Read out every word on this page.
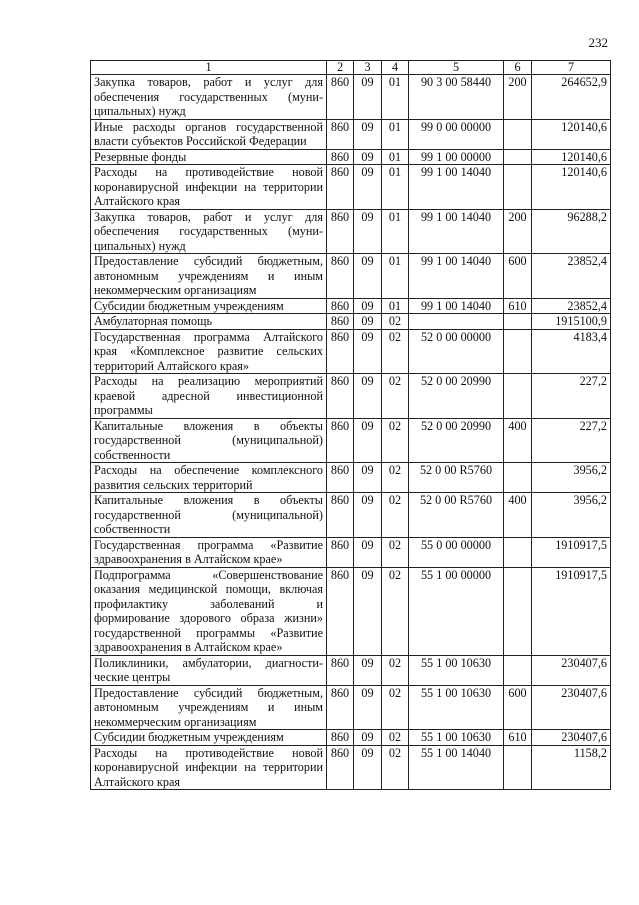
232
1	2	3	4	5	6	7
Закупка товаров, работ и услуг для обеспечения государственных (муниципальных) нужд	860	09	01	90 3 00 58440	200	264652,9
Иные расходы органов государственной власти субъектов Российской Федерации	860	09	01	99 0 00 00000		120140,6
Резервные фонды	860	09	01	99 1 00 00000		120140,6
Расходы на противодействие новой коронавирусной инфекции на территории Алтайского края	860	09	01	99 1 00 14040		120140,6
Закупка товаров, работ и услуг для обеспечения государственных (муниципальных) нужд	860	09	01	99 1 00 14040	200	96288,2
Предоставление субсидий бюджетным, автономным учреждениям и иным некоммерческим организациям	860	09	01	99 1 00 14040	600	23852,4
Субсидии бюджетным учреждениям	860	09	01	99 1 00 14040	610	23852,4
Амбулаторная помощь	860	09	02			1915100,9
Государственная программа Алтайского края «Комплексное развитие сельских территорий Алтайского края»	860	09	02	52 0 00 00000		4183,4
Расходы на реализацию мероприятий краевой адресной инвестиционной программы	860	09	02	52 0 00 20990		227,2
Капитальные вложения в объекты государственной (муниципальной) собственности	860	09	02	52 0 00 20990	400	227,2
Расходы на обеспечение комплексного развития сельских территорий	860	09	02	52 0 00 R5760		3956,2
Капитальные вложения в объекты государственной (муниципальной) собственности	860	09	02	52 0 00 R5760	400	3956,2
Государственная программа «Развитие здравоохранения в Алтайском крае»	860	09	02	55 0 00 00000		1910917,5
Подпрограмма «Совершенствование оказания медицинской помощи, включая профилактику заболеваний и формирование здорового образа жизни» государственной программы «Развитие здравоохранения в Алтайском крае»	860	09	02	55 1 00 00000		1910917,5
Поликлиники, амбулатории, диагностические центры	860	09	02	55 1 00 10630		230407,6
Предоставление субсидий бюджетным, автономным учреждениям и иным некоммерческим организациям	860	09	02	55 1 00 10630	600	230407,6
Субсидии бюджетным учреждениям	860	09	02	55 1 00 10630	610	230407,6
Расходы на противодействие новой коронавирусной инфекции на территории Алтайского края	860	09	02	55 1 00 14040		1158,2
